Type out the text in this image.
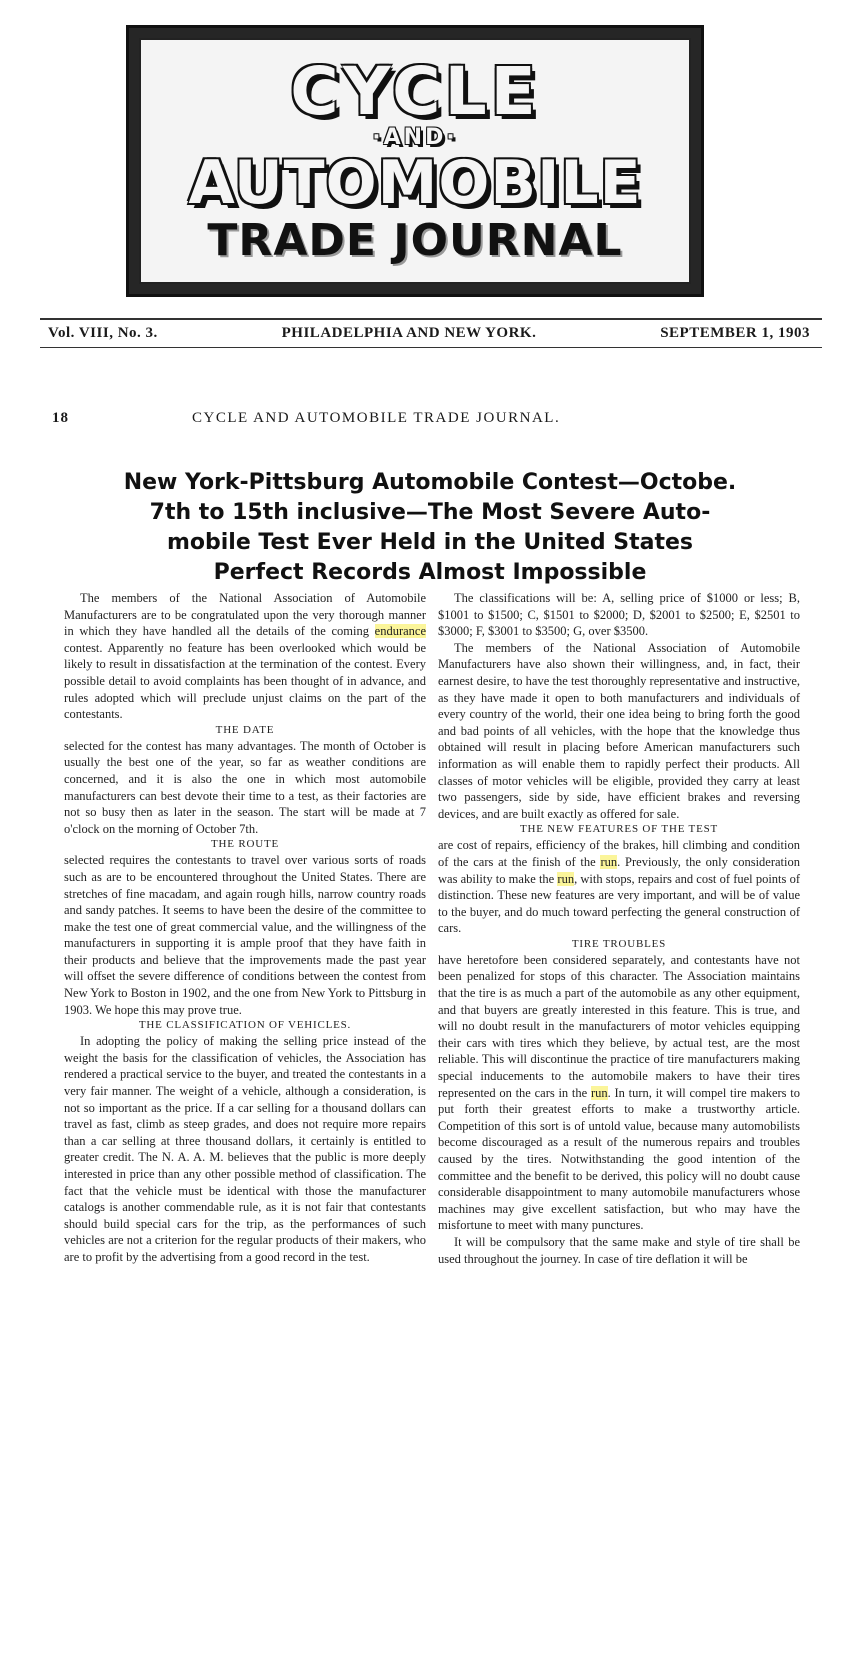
CYCLE
·AND·
AUTOMOBILE
TRADE JOURNAL
Vol. VIII, No. 3.	PHILADELPHIA AND NEW YORK.	SEPTEMBER 1, 1903
18	CYCLE AND AUTOMOBILE TRADE JOURNAL.
New York-Pittsburg Automobile Contest—Octobe.
7th to 15th inclusive—The Most Severe Auto-
mobile Test Ever Held in the United States
Perfect Records Almost Impossible

The members of the National Association of Automobile Manufacturers are to be congratulated upon the very thorough manner in which they have handled all the details of the coming endurance contest. Apparently no feature has been overlooked which would be likely to result in dissatisfaction at the termination of the contest. Every possible detail to avoid complaints has been thought of in advance, and rules adopted which will preclude unjust claims on the part of the contestants.

THE DATE

selected for the contest has many advantages. The month of October is usually the best one of the year, so far as weather conditions are concerned, and it is also the one in which most automobile manufacturers can best devote their time to a test, as their factories are not so busy then as later in the season. The start will be made at 7 o'clock on the morning of October 7th.

THE ROUTE

selected requires the contestants to travel over various sorts of roads such as are to be encountered throughout the United States. There are stretches of fine macadam, and again rough hills, narrow country roads and sandy patches. It seems to have been the desire of the committee to make the test one of great commercial value, and the willingness of the manufacturers in supporting it is ample proof that they have faith in their products and believe that the improvements made the past year will offset the severe difference of conditions between the contest from New York to Boston in 1902, and the one from New York to Pittsburg in 1903. We hope this may prove true.

THE CLASSIFICATION OF VEHICLES.

In adopting the policy of making the selling price instead of the weight the basis for the classification of vehicles, the Association has rendered a practical service to the buyer, and treated the contestants in a very fair manner. The weight of a vehicle, although a consideration, is not so important as the price. If a car selling for a thousand dollars can travel as fast, climb as steep grades, and does not require more repairs than a car selling at three thousand dollars, it certainly is entitled to greater credit. The N. A. A. M. believes that the public is more deeply interested in price than any other possible method of classification. The fact that the vehicle must be identical with those the manufacturer catalogs is another commendable rule, as it is not fair that contestants should build special cars for the trip, as the performances of such vehicles are not a criterion for the regular products of their makers, who are to profit by the advertising from a good record in the test.

The classifications will be: A, selling price of $1000 or less; B, $1001 to $1500; C, $1501 to $2000; D, $2001 to $2500; E, $2501 to $3000; F, $3001 to $3500; G, over $3500.

The members of the National Association of Automobile Manufacturers have also shown their willingness, and, in fact, their earnest desire, to have the test thoroughly representative and instructive, as they have made it open to both manufacturers and individuals of every country of the world, their one idea being to bring forth the good and bad points of all vehicles, with the hope that the knowledge thus obtained will result in placing before American manufacturers such information as will enable them to rapidly perfect their products. All classes of motor vehicles will be eligible, provided they carry at least two passengers, side by side, have efficient brakes and reversing devices, and are built exactly as offered for sale.

THE NEW FEATURES OF THE TEST

are cost of repairs, efficiency of the brakes, hill climbing and condition of the cars at the finish of the run. Previously, the only consideration was ability to make the run, with stops, repairs and cost of fuel points of distinction. These new features are very important, and will be of value to the buyer, and do much toward perfecting the general construction of cars.

TIRE TROUBLES

have heretofore been considered separately, and contestants have not been penalized for stops of this character. The Association maintains that the tire is as much a part of the automobile as any other equipment, and that buyers are greatly interested in this feature. This is true, and will no doubt result in the manufacturers of motor vehicles equipping their cars with tires which they believe, by actual test, are the most reliable. This will discontinue the practice of tire manufacturers making special inducements to the automobile makers to have their tires represented on the cars in the run. In turn, it will compel tire makers to put forth their greatest efforts to make a trustworthy article. Competition of this sort is of untold value, because many automobilists become discouraged as a result of the numerous repairs and troubles caused by the tires. Notwithstanding the good intention of the committee and the benefit to be derived, this policy will no doubt cause considerable disappointment to many automobile manufacturers whose machines may give excellent satisfaction, but who may have the misfortune to meet with many punctures.

It will be compulsory that the same make and style of tire shall be used throughout the journey. In case of tire deflation it will be
